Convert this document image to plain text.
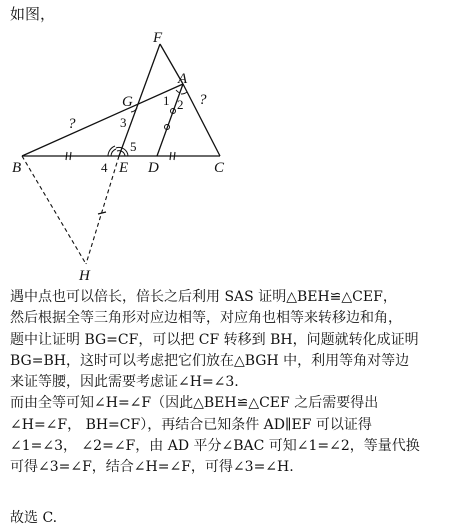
如图，
F
A
G
B	E D	C
H
1 2
3
4
5
?
?

遇中点也可以倍长，倍长之后利用 SAS 证明△BEH≌△CEF，

然后根据全等三角形对应边相等，对应角也相等来转移边和角，

题中让证明 BG=CF，可以把 CF 转移到 BH，问题就转化成证明

BG=BH，这时可以考虑把它们放在△BGH 中，利用等角对等边

来证等腰，因此需要考虑证∠H=∠3.

而由全等可知∠H=∠F（因此△BEH≌△CEF 之后需要得出

∠H=∠F， BH=CF），再结合已知条件 AD∥EF 可以证得

∠1=∠3， ∠2=∠F，由 AD 平分∠BAC 可知∠1=∠2，等量代换

可得∠3=∠F，结合∠H=∠F，可得∠3=∠H.

故选 C.
